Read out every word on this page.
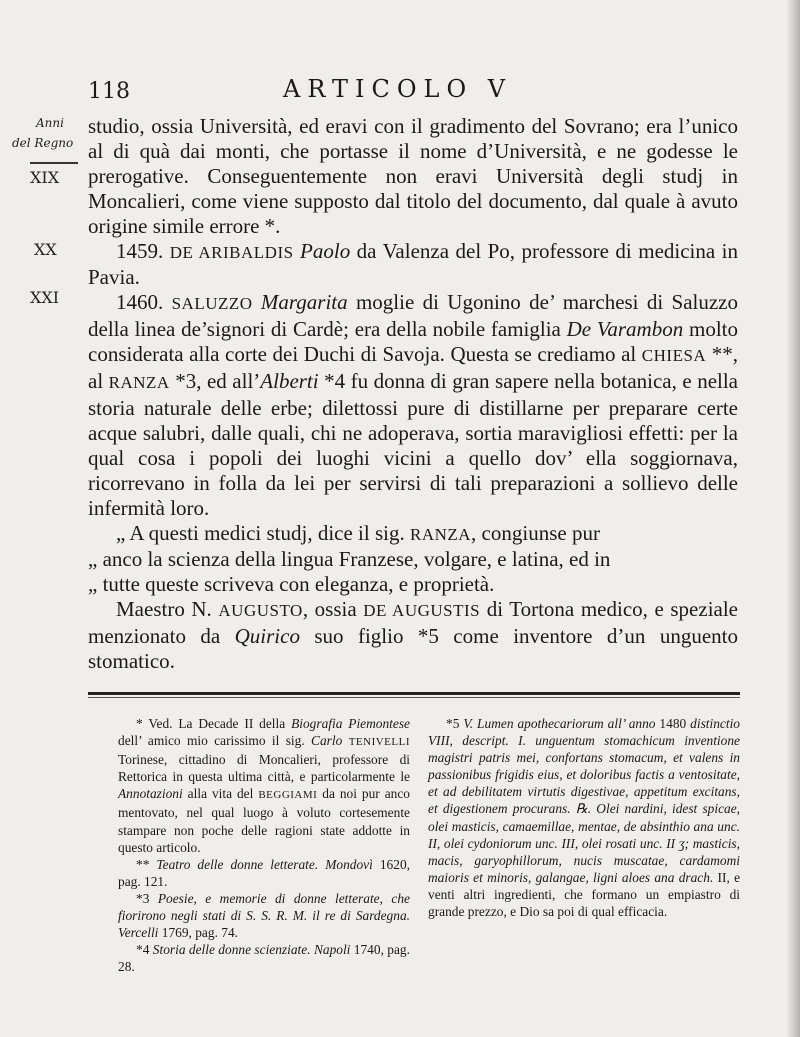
118	ARTICOLO V
Anni
del Regno
XIX
XX
XXI

studio, ossia Università, ed eravi con il gradimento del Sovrano; era l’unico al di quà dai monti, che portasse il nome d’Università, e ne godesse le prerogative. Conseguentemente non eravi Università degli studj in Moncalieri, come viene supposto dal titolo del documento, dal quale à avuto origine simile errore *.

1459. DE ARIBALDIS Paolo da Valenza del Po, professore di medicina in Pavia.

1460. SALUZZO Margarita moglie di Ugonino de’ marchesi di Saluzzo della linea de’signori di Cardè; era della nobile famiglia De Varambon molto considerata alla corte dei Duchi di Savoja. Questa se crediamo al CHIESA **, al RANZA *3, ed all’Alberti *4 fu donna di gran sapere nella botanica, e nella storia naturale delle erbe; dilettossi pure di distillarne per preparare certe acque salubri, dalle quali, chi ne adoperava, sortia maravigliosi effetti: per la qual cosa i popoli dei luoghi vicini a quello dov’ ella soggiornava, ricorrevano in folla da lei per servirsi di tali preparazioni a sollievo delle infermità loro.

„ A questi medici studj, dice il sig. RANZA, congiunse pur

„ anco la scienza della lingua Franzese, volgare, e latina, ed in
„ tutte queste scriveva con eleganza, e proprietà.

Maestro N. AUGUSTO, ossia DE AUGUSTIS di Tortona medico, e speziale menzionato da Quirico suo figlio *5 come inventore d’un unguento stomatico.

* Ved. La Decade II della Biografia Piemontese dell’ amico mio carissimo il sig. Carlo TENIVELLI Torinese, cittadino di Moncalieri, professore di Rettorica in questa ultima città, e particolarmente le Annotazioni alla vita del BEGGIAMI da noi pur anco mentovato, nel qual luogo à voluto cortesemente stampare non poche delle ragioni state addotte in questo articolo.

** Teatro delle donne letterate. Mondovì 1620, pag. 121.

*3 Poesie, e memorie di donne letterate, che fiorirono negli stati di S. S. R. M. il re di Sardegna. Vercelli 1769, pag. 74.

*4 Storia delle donne scienziate. Napoli 1740, pag. 28.

*5 V. Lumen apothecariorum all’ anno 1480 distinctio VIII, descript. I. unguentum stomachicum inventione magistri patris mei, confortans stomacum, et valens in passionibus frigidis eius, et doloribus factis a ventositate, et ad debilitatem virtutis digestivae, appetitum excitans, et digestionem procurans. ℞. Olei nardini, idest spicae, olei masticis, camaemillae, mentae, de absinthio ana unc. II, olei cydoniorum unc. III, olei rosati unc. II ʒ; masticis, macis, garyophillorum, nucis muscatae, cardamomi maioris et minoris, galangae, ligni aloes ana drach. II, e venti altri ingredienti, che formano un empiastro di grande prezzo, e Dio sa poi di qual efficacia.
